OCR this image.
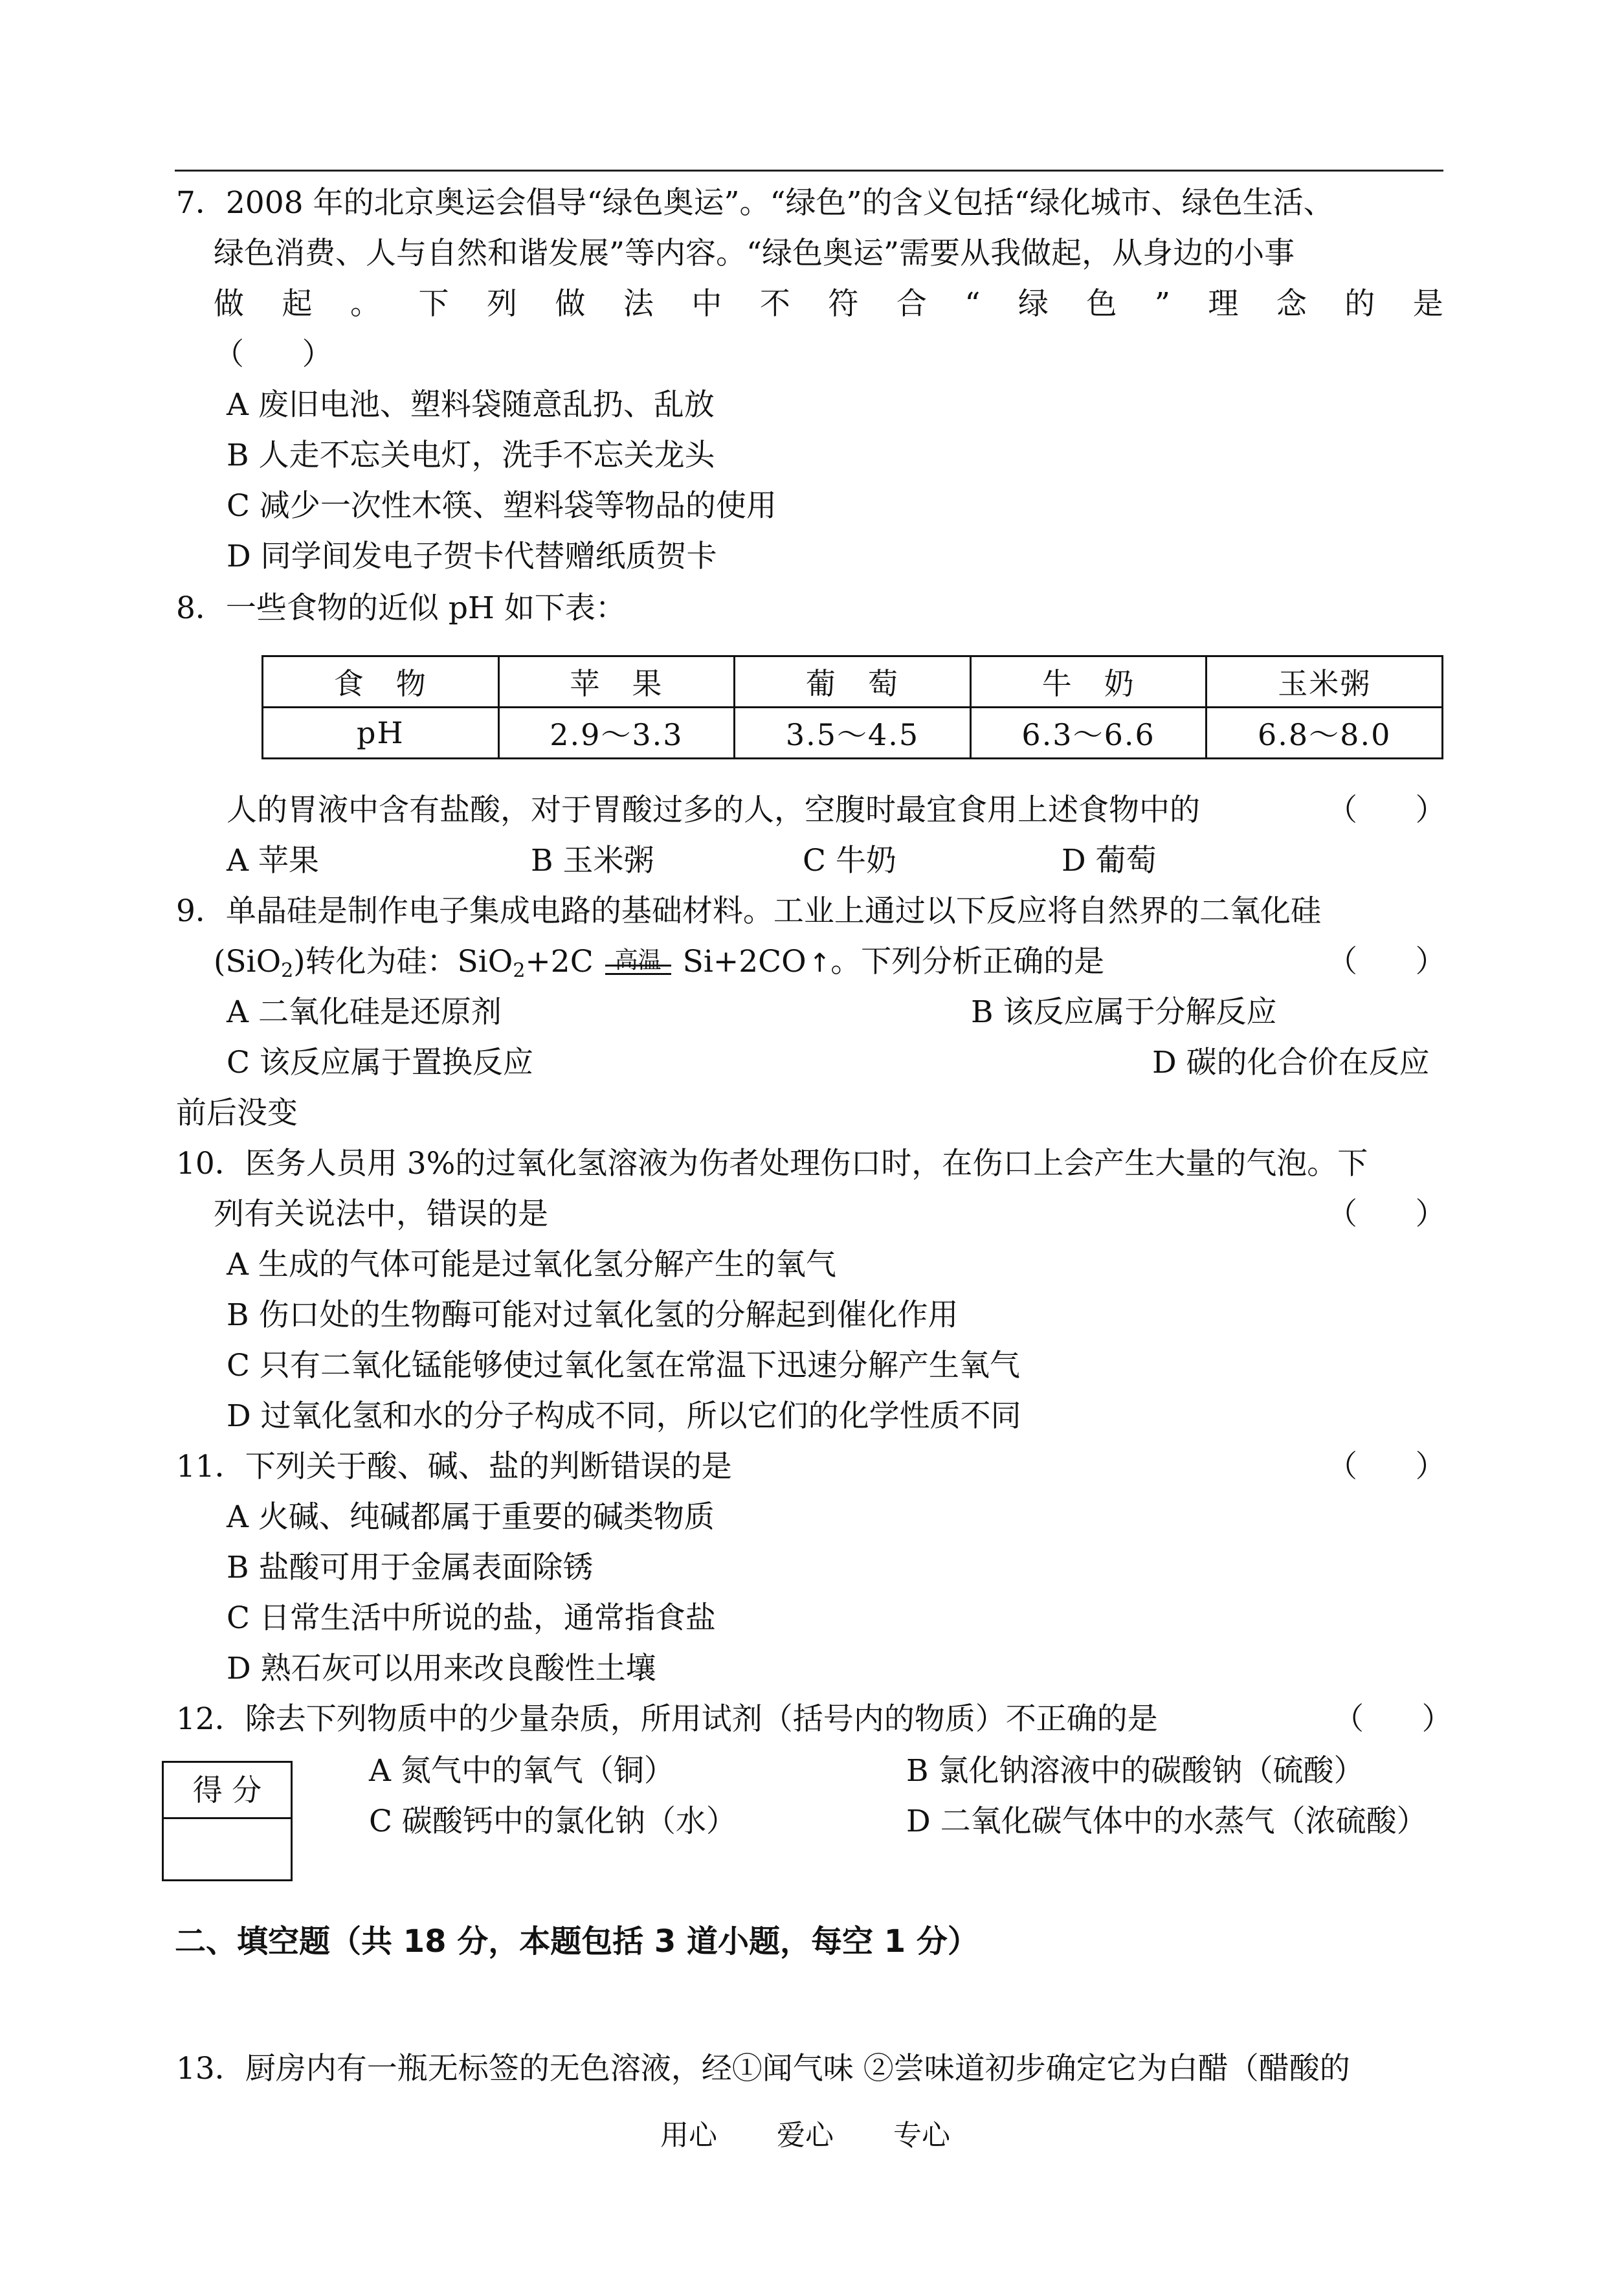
7．2008 年的北京奥运会倡导“绿色奥运”。“绿色”的含义包括“绿化城市、绿色生活、
绿色消费、人与自然和谐发展”等内容。“绿色奥运”需要从我做起，从身边的小事
做 起 。 下 列 做 法 中 不 符 合 “ 绿 色 ” 理 念 的 是
（      ）
A 废旧电池、塑料袋随意乱扔、乱放
B 人走不忘关电灯，洗手不忘关龙头
C 减少一次性木筷、塑料袋等物品的使用
D 同学间发电子贺卡代替赠纸质贺卡
8．一些食物的近似 pH 如下表：
食　物	苹　果	葡　萄	牛　奶	玉米粥
pH	2.9～3.3	3.5～4.5	6.3～6.6	6.8～8.0
人的胃液中含有盐酸，对于胃酸过多的人，空腹时最宜食用上述食物中的	（      ）
A 苹果	B 玉米粥	C 牛奶	D 葡萄
9．单晶硅是制作电子集成电路的基础材料。工业上通过以下反应将自然界的二氧化硅
(SiO$_2$)转化为硅：SiO$_2$+2C 高温 Si+2CO ↑。下列分析正确的是	（      ）
A 二氧化硅是还原剂	B 该反应属于分解反应
C 该反应属于置换反应	D 碳的化合价在反应
前后没变
10．医务人员用 3%的过氧化氢溶液为伤者处理伤口时，在伤口上会产生大量的气泡。下
列有关说法中，错误的是	（      ）
A 生成的气体可能是过氧化氢分解产生的氧气
B 伤口处的生物酶可能对过氧化氢的分解起到催化作用
C 只有二氧化锰能够使过氧化氢在常温下迅速分解产生氧气
D 过氧化氢和水的分子构成不同，所以它们的化学性质不同
11．下列关于酸、碱、盐的判断错误的是	（      ）
A 火碱、纯碱都属于重要的碱类物质
B 盐酸可用于金属表面除锈
C 日常生活中所说的盐，通常指食盐
D 熟石灰可以用来改良酸性土壤
12．除去下列物质中的少量杂质，所用试剂（括号内的物质）不正确的是	（      ）
A 氮气中的氧气（铜）	B 氯化钠溶液中的碳酸钠（硫酸）
C 碳酸钙中的氯化钠（水）	D 二氧化碳气体中的水蒸气（浓硫酸）
得 分
二、填空题（共 18 分，本题包括 3 道小题，每空 1 分）
13．厨房内有一瓶无标签的无色溶液，经①闻气味 ②尝味道初步确定它为白醋（醋酸的
用心 爱心 专心
